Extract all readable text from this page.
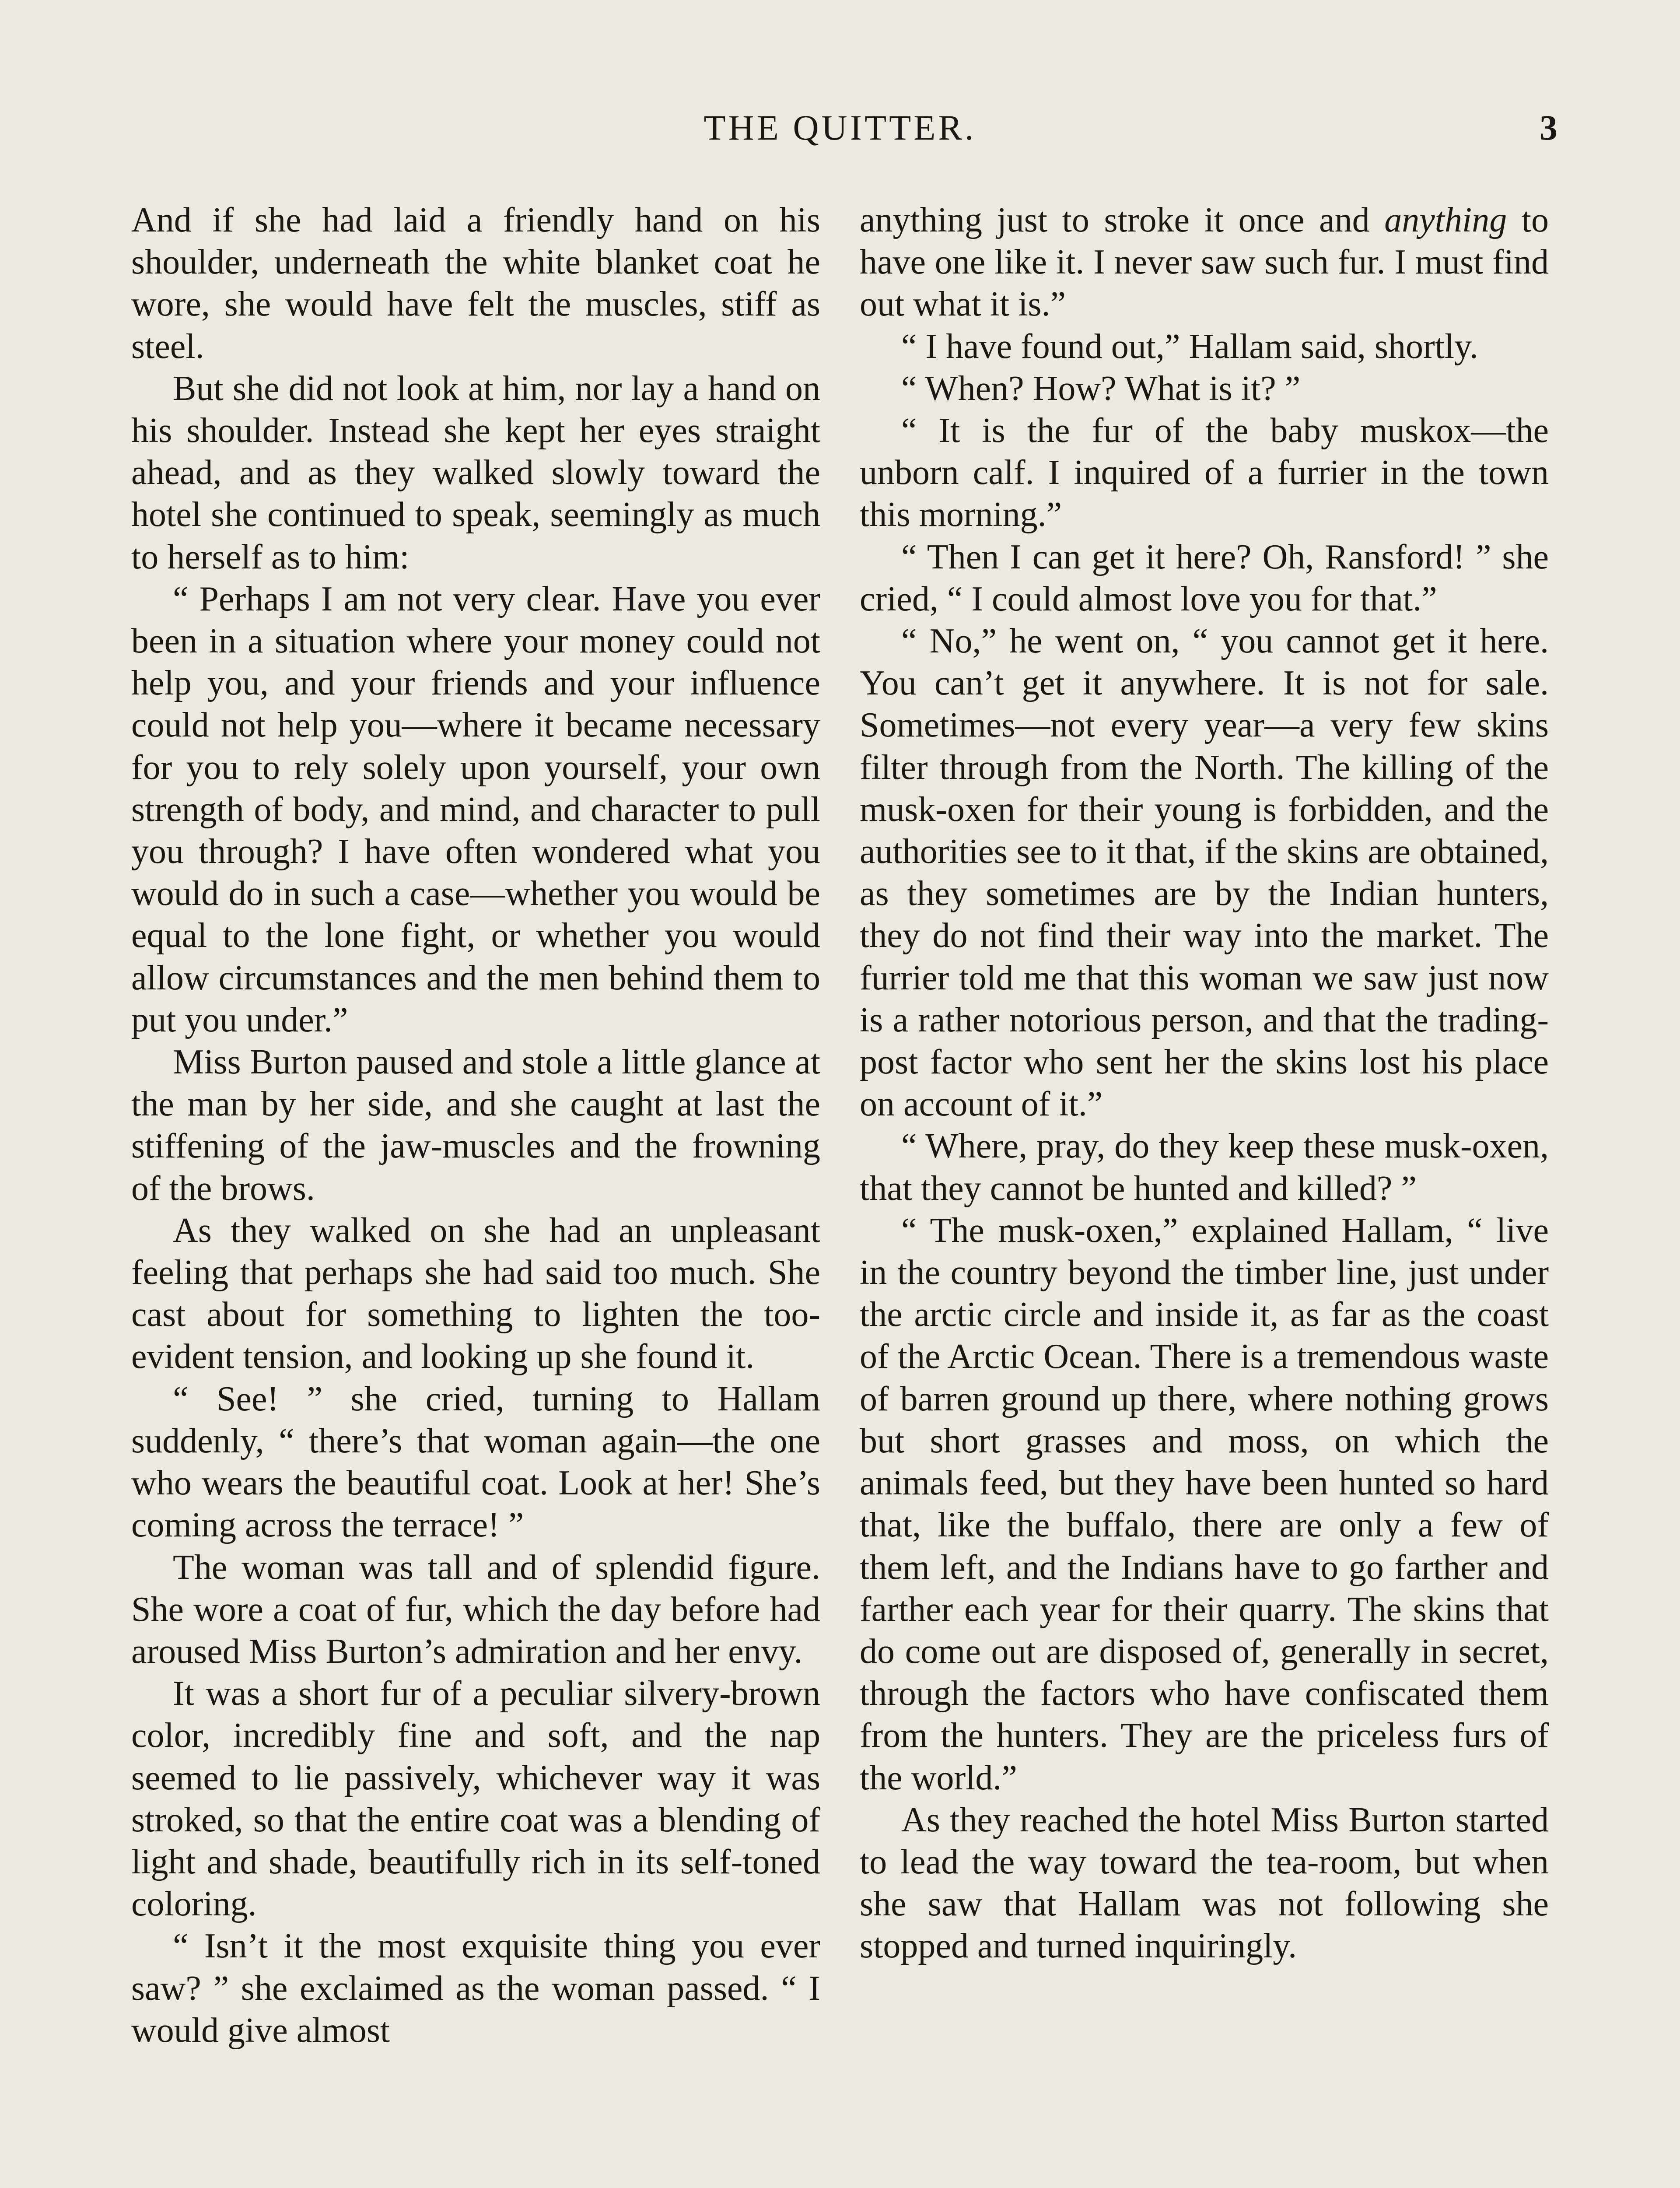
THE QUITTER.	3

And if she had laid a friendly hand on his shoulder, underneath the white blanket coat he wore, she would have felt the muscles, stiff as steel.

But she did not look at him, nor lay a hand on his shoulder. Instead she kept her eyes straight ahead, and as they walked slowly toward the hotel she continued to speak, seemingly as much to herself as to him:

“ Perhaps I am not very clear. Have you ever been in a situation where your money could not help you, and your friends and your influence could not help you—where it became necessary for you to rely solely upon yourself, your own strength of body, and mind, and character to pull you through? I have often wondered what you would do in such a case—whether you would be equal to the lone fight, or whether you would allow circumstances and the men behind them to put you under.”

Miss Burton paused and stole a little glance at the man by her side, and she caught at last the stiffening of the jaw-muscles and the frowning of the brows.

As they walked on she had an unpleasant feeling that perhaps she had said too much. She cast about for something to lighten the too-evident tension, and looking up she found it.

“ See! ” she cried, turning to Hallam suddenly, “ there’s that woman again—the one who wears the beautiful coat. Look at her! She’s coming across the terrace! ”

The woman was tall and of splendid figure. She wore a coat of fur, which the day before had aroused Miss Burton’s admiration and her envy.

It was a short fur of a peculiar silvery-brown color, incredibly fine and soft, and the nap seemed to lie passively, whichever way it was stroked, so that the entire coat was a blending of light and shade, beautifully rich in its self-toned coloring.

“ Isn’t it the most exquisite thing you ever saw? ” she exclaimed as the woman passed. “ I would give almost

anything just to stroke it once and anything to have one like it. I never saw such fur. I must find out what it is.”

“ I have found out,” Hallam said, shortly.

“ When? How? What is it? ”

“ It is the fur of the baby muskox—the unborn calf. I inquired of a furrier in the town this morning.”

“ Then I can get it here? Oh, Ransford! ” she cried, “ I could almost love you for that.”

“ No,” he went on, “ you cannot get it here. You can’t get it anywhere. It is not for sale. Sometimes—not every year—a very few skins filter through from the North. The killing of the musk-oxen for their young is forbidden, and the authorities see to it that, if the skins are obtained, as they sometimes are by the Indian hunters, they do not find their way into the market. The furrier told me that this woman we saw just now is a rather notorious person, and that the trading-post factor who sent her the skins lost his place on account of it.”

“ Where, pray, do they keep these musk-oxen, that they cannot be hunted and killed? ”

“ The musk-oxen,” explained Hallam, “ live in the country beyond the timber line, just under the arctic circle and inside it, as far as the coast of the Arctic Ocean. There is a tremendous waste of barren ground up there, where nothing grows but short grasses and moss, on which the animals feed, but they have been hunted so hard that, like the buffalo, there are only a few of them left, and the Indians have to go farther and farther each year for their quarry. The skins that do come out are disposed of, generally in secret, through the factors who have confiscated them from the hunters. They are the priceless furs of the world.”

As they reached the hotel Miss Burton started to lead the way toward the tea-room, but when she saw that Hallam was not following she stopped and turned inquiringly.
